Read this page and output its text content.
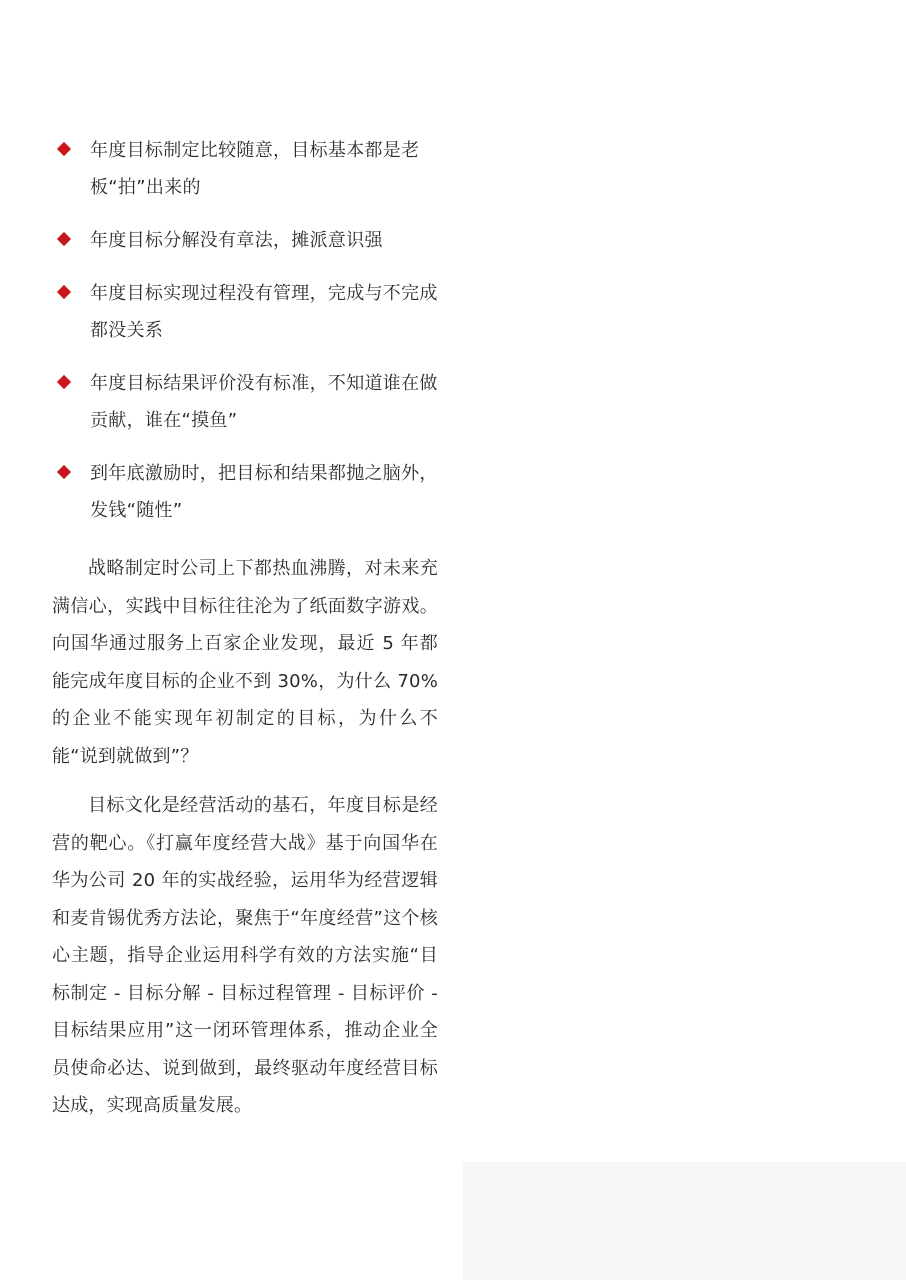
年度目标制定比较随意，目标基本都是老板“拍”出来的
年度目标分解没有章法，摊派意识强
年度目标实现过程没有管理，完成与不完成都没关系
年度目标结果评价没有标准，不知道谁在做贡献，谁在“摸鱼”
到年底激励时，把目标和结果都抛之脑外，发钱“随性”

战略制定时公司上下都热血沸腾，对未来充满信心，实践中目标往往沦为了纸面数字游戏。向国华通过服务上百家企业发现，最近 5 年都能完成年度目标的企业不到 30%，为什么 70% 的企业不能实现年初制定的目标，为什么不能“说到就做到”？

目标文化是经营活动的基石，年度目标是经营的靶心。《打赢年度经营大战》基于向国华在华为公司 20 年的实战经验，运用华为经营逻辑和麦肯锡优秀方法论，聚焦于“年度经营”这个核心主题，指导企业运用科学有效的方法实施“目标制定 - 目标分解 - 目标过程管理 - 目标评价 - 目标结果应用”这一闭环管理体系，推动企业全员使命必达、说到做到，最终驱动年度经营目标达成，实现高质量发展。
